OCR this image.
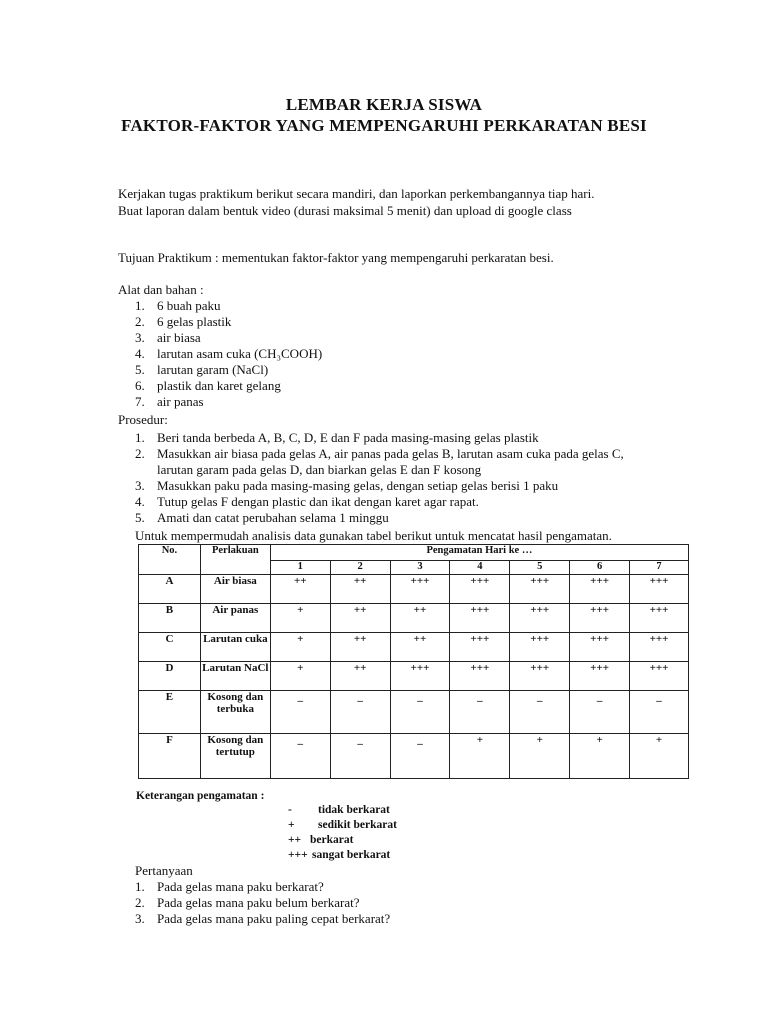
LEMBAR KERJA SISWA
FAKTOR-FAKTOR YANG MEMPENGARUHI PERKARATAN BESI
Kerjakan tugas praktikum berikut secara mandiri, dan laporkan perkembangannya tiap hari.
Buat laporan dalam bentuk video (durasi maksimal 5 menit) dan upload di google class
Tujuan Praktikum : mementukan faktor-faktor yang mempengaruhi perkaratan besi.
Alat dan bahan :
1. 6 buah paku
2. 6 gelas plastik
3. air biasa
4. larutan asam cuka (CH₃COOH)
5. larutan garam (NaCl)
6. plastik dan karet gelang
7. air panas
Prosedur:
1. Beri tanda berbeda A, B, C, D, E dan F pada masing-masing gelas plastik
2. Masukkan air biasa pada gelas A, air panas pada gelas B, larutan asam cuka pada gelas C,
larutan garam pada gelas D, dan biarkan gelas E dan F kosong
3. Masukkan paku pada masing-masing gelas, dengan setiap gelas berisi 1 paku
4. Tutup gelas F dengan plastic dan ikat dengan karet agar rapat.
5. Amati dan catat perubahan selama 1 minggu
Untuk mempermudah analisis data gunakan tabel berikut untuk mencatat hasil pengamatan.
No.	Perlakuan	Pengamatan Hari ke …						
		1	2	3	4	5	6	7
A	Air biasa	++	++	+++	+++	+++	+++	+++
B	Air panas	+	++	++	+++	+++	+++	+++
C	Larutan cuka	+	++	++	+++	+++	+++	+++
D	Larutan NaCl	+	++	+++	+++	+++	+++	+++
E	Kosong dan terbuka	_	_	_	_	_	_	_
F	Kosong dan tertutup	_	_	_	+	+	+	+
Keterangan pengamatan :
- tidak berkarat
+ sedikit berkarat
++ berkarat
+++ sangat berkarat
Pertanyaan
1. Pada gelas mana paku berkarat?
2. Pada gelas mana paku belum berkarat?
3. Pada gelas mana paku paling cepat berkarat?
